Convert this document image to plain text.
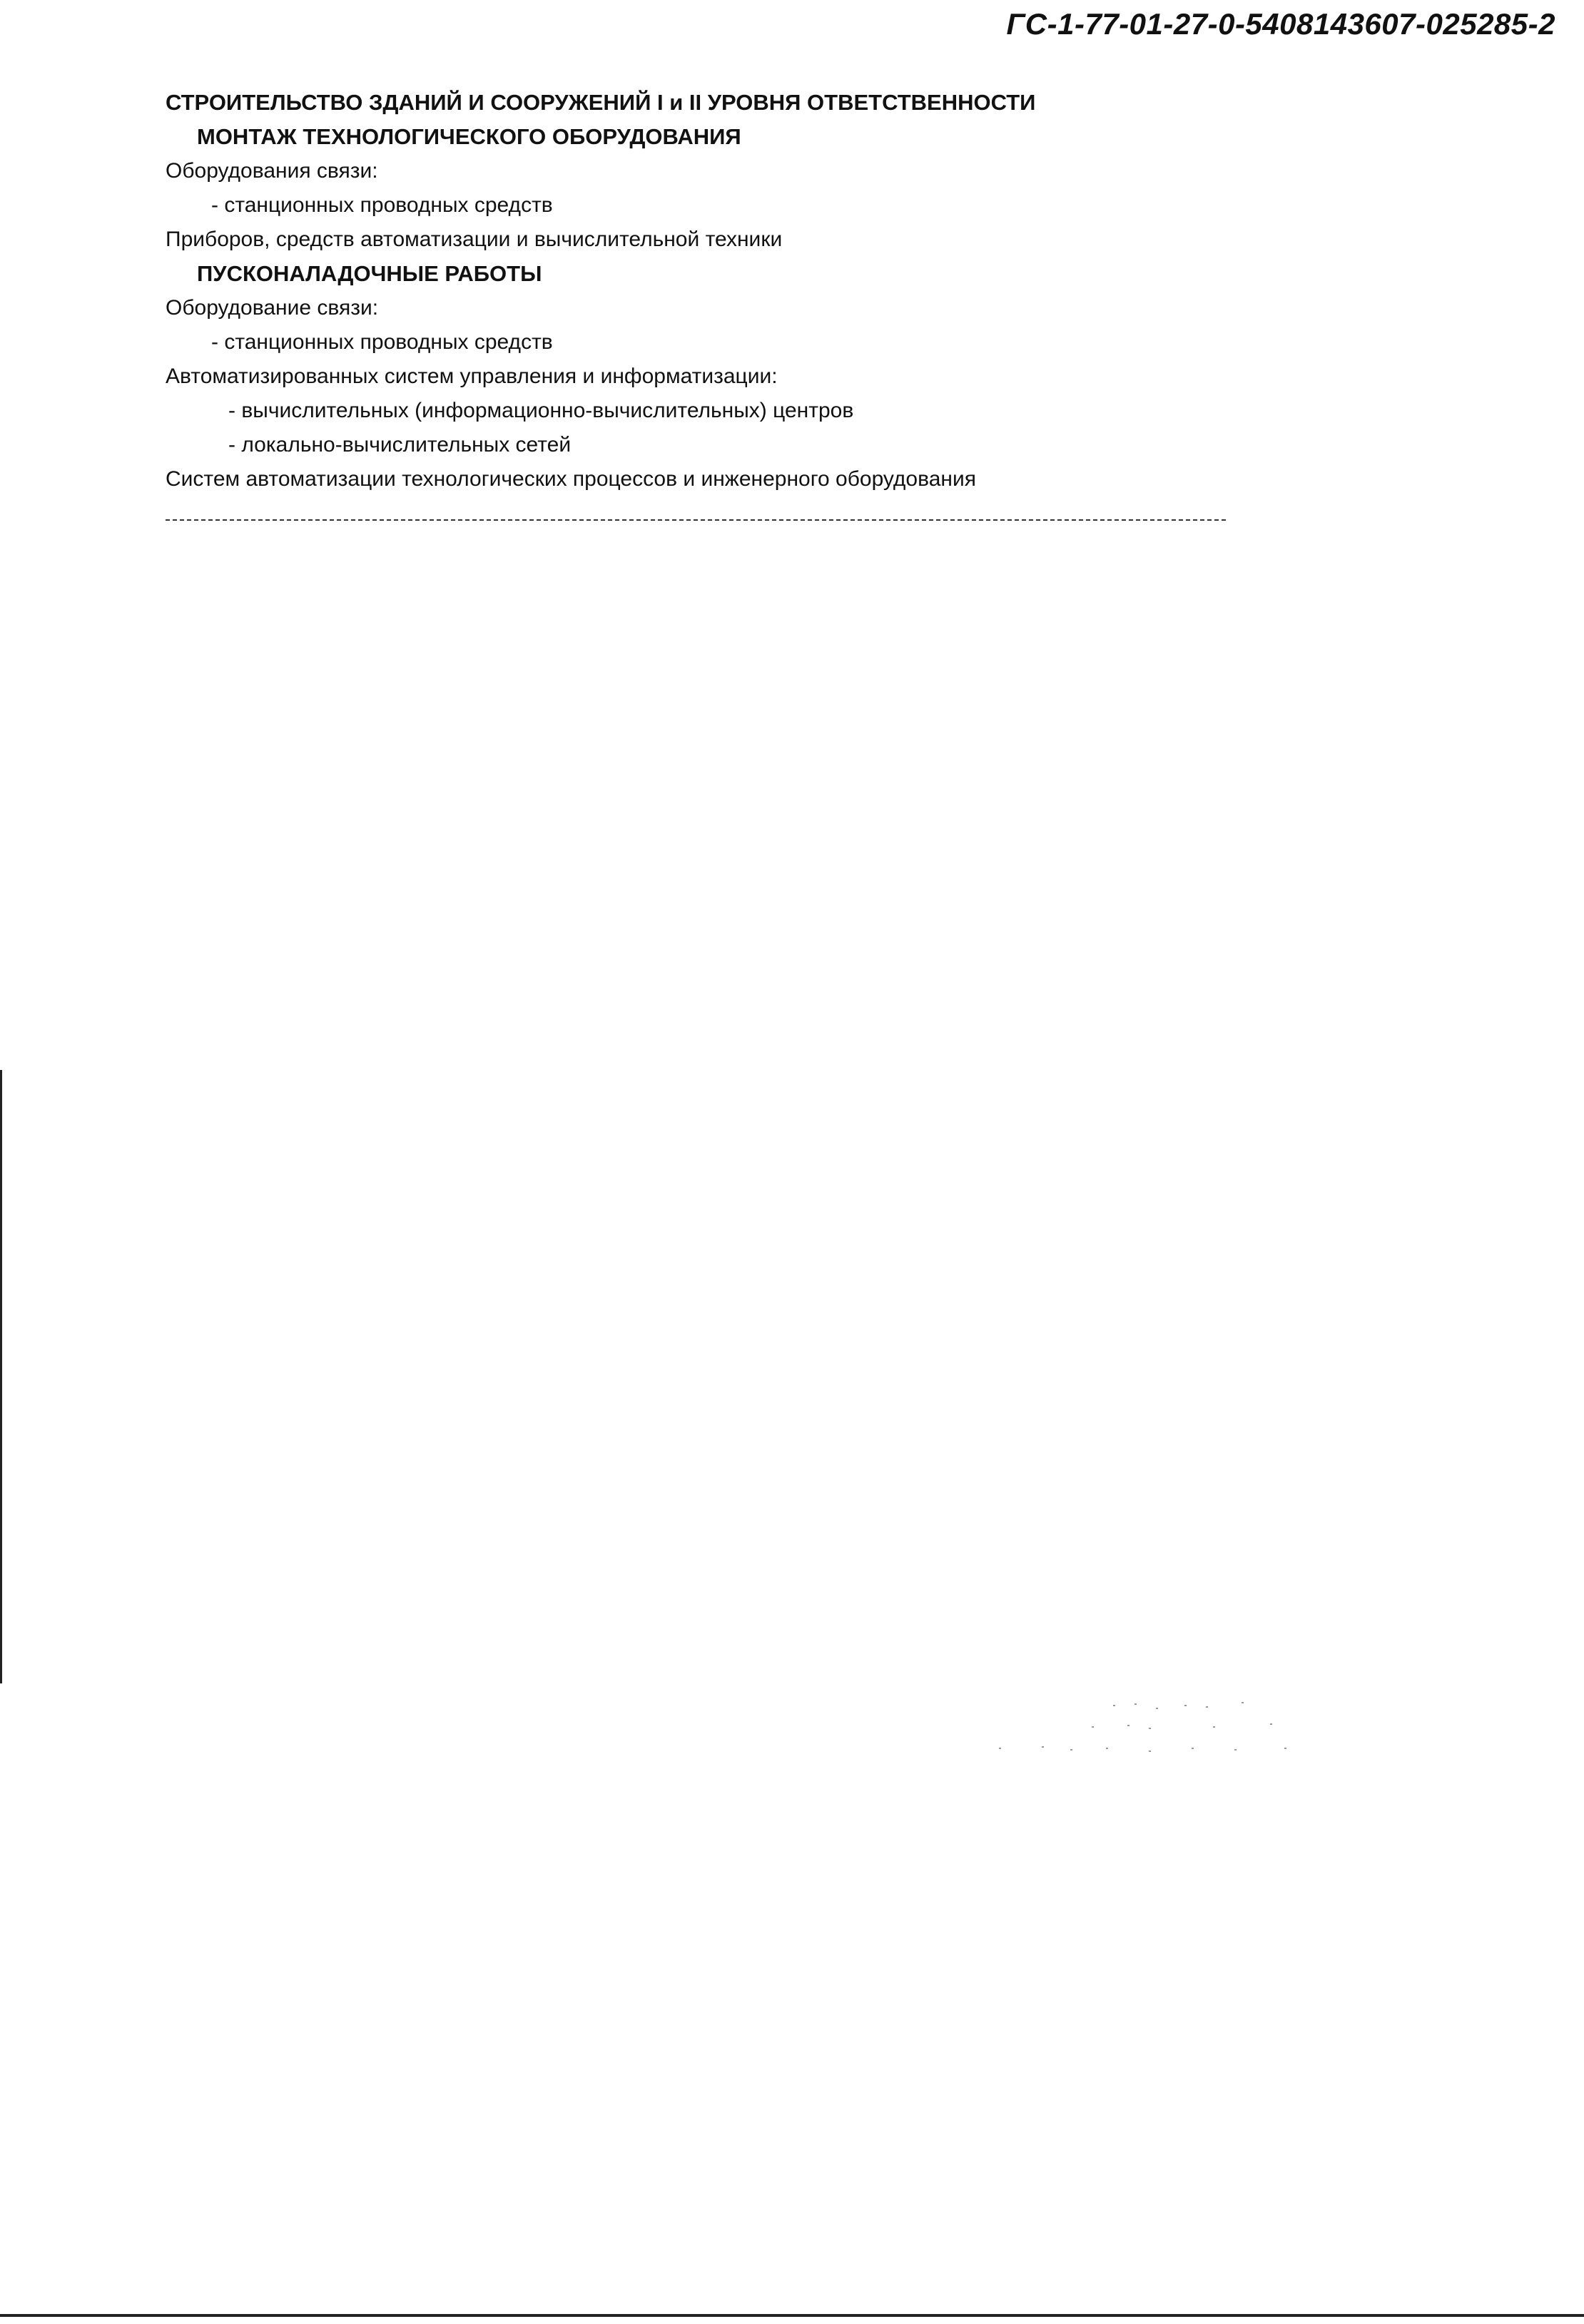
ГС-1-77-01-27-0-5408143607-025285-2
СТРОИТЕЛЬСТВО ЗДАНИЙ И СООРУЖЕНИЙ I и II УРОВНЯ ОТВЕТСТВЕННОСТИ
МОНТАЖ ТЕХНОЛОГИЧЕСКОГО ОБОРУДОВАНИЯ
Оборудования связи:
- станционных проводных средств
Приборов, средств автоматизации и вычислительной техники
ПУСКОНАЛАДОЧНЫЕ РАБОТЫ
Оборудование связи:
- станционных проводных средств
Автоматизированных систем управления и информатизации:
- вычислительных (информационно-вычислительных) центров
- локально-вычислительных сетей
Систем автоматизации технологических процессов и инженерного оборудования
